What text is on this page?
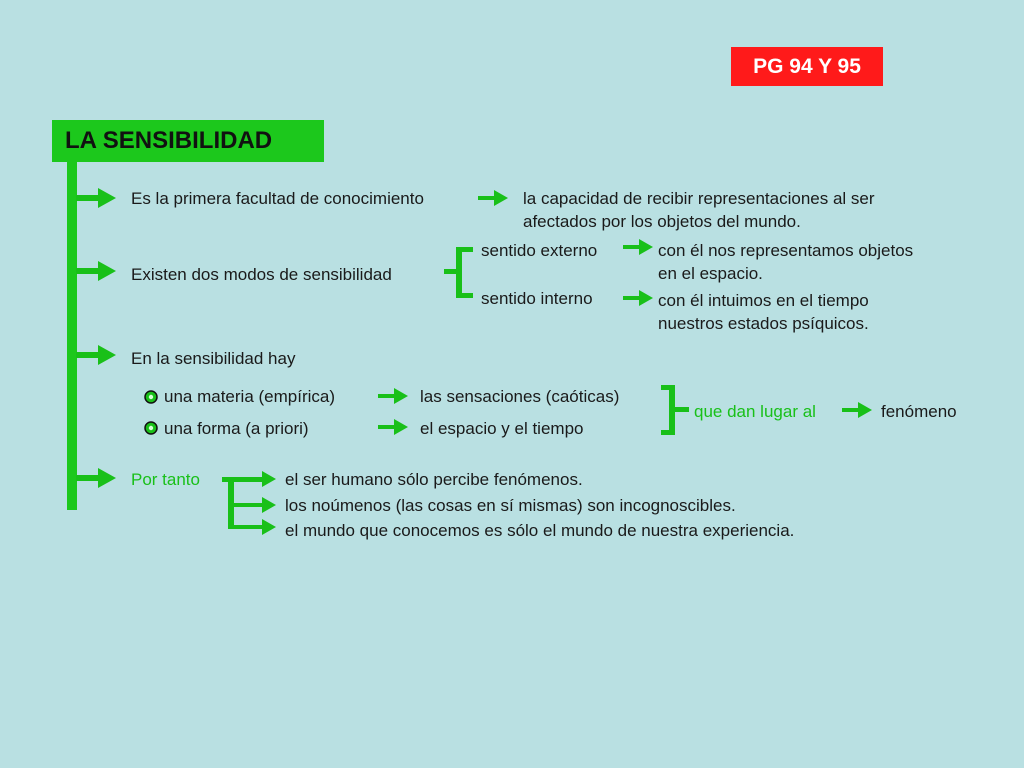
PG 94 Y 95
LA SENSIBILIDAD
Es la primera facultad de conocimiento	la capacidad de recibir representaciones al ser
afectados por los objetos del mundo.
Existen dos modos de sensibilidad
sentido externo	con él nos representamos objetos
en el espacio.
sentido interno	con él intuimos en el tiempo
nuestros estados psíquicos.
En la sensibilidad hay
una materia (empírica)	las sensaciones (caóticas)
una forma (a priori)	el espacio y el tiempo
que dan lugar al	fenómeno
Por tanto	el ser humano sólo percibe fenómenos.
los noúmenos (las cosas en sí mismas) son incognoscibles.
el mundo que conocemos es sólo el mundo de nuestra experiencia.
